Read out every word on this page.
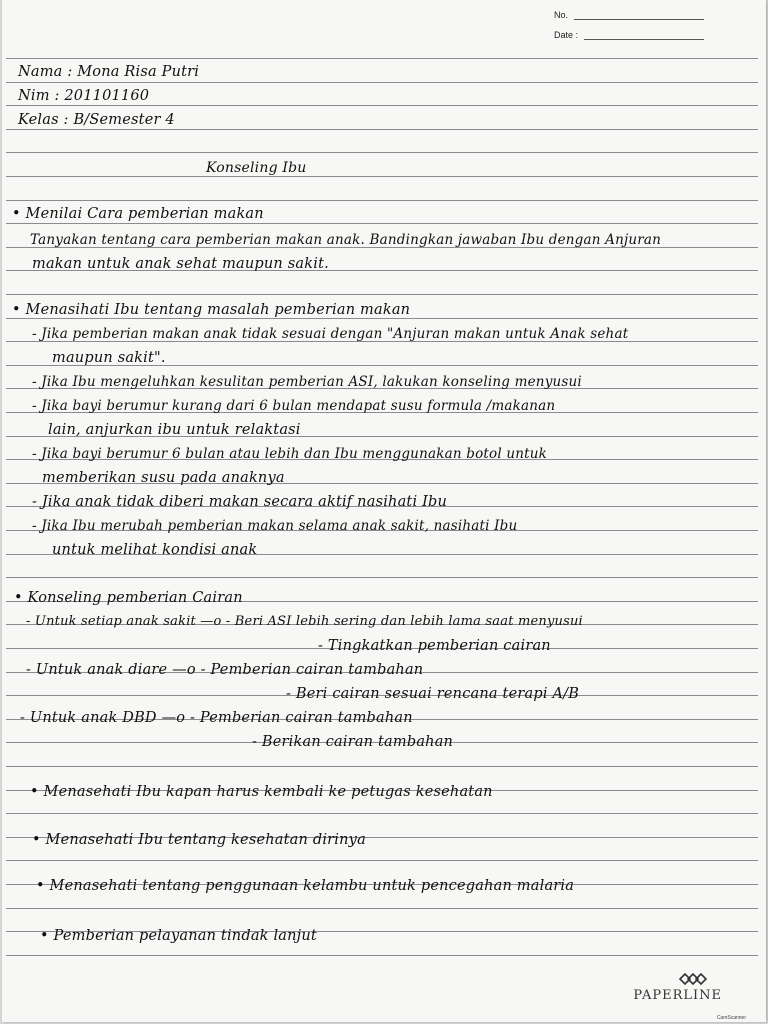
No.
Date :
Nama : Mona Risa Putri
Nim : 201101160
Kelas : B/Semester 4
Konseling Ibu
• Menilai Cara pemberian makan
Tanyakan tentang cara pemberian makan anak. Bandingkan jawaban Ibu dengan Anjuran
makan untuk anak sehat maupun sakit.
• Menasihati Ibu tentang masalah pemberian makan
- Jika pemberian makan anak tidak sesuai dengan "Anjuran makan untuk Anak sehat
maupun sakit".
- Jika Ibu mengeluhkan kesulitan pemberian ASI, lakukan konseling menyusui
- Jika bayi berumur kurang dari 6 bulan mendapat susu formula /makanan
lain, anjurkan ibu untuk relaktasi
- Jika bayi berumur 6 bulan atau lebih dan Ibu menggunakan botol untuk
memberikan susu pada anaknya
- Jika anak tidak diberi makan secara aktif nasihati Ibu
- Jika Ibu merubah pemberian makan selama anak sakit, nasihati Ibu
untuk melihat kondisi anak
• Konseling pemberian Cairan
- Untuk setiap anak sakit —o - Beri ASI lebih sering dan lebih lama saat menyusui
- Tingkatkan pemberian cairan
- Untuk anak diare —o - Pemberian cairan tambahan
- Beri cairan sesuai rencana terapi A/B
- Untuk anak DBD —o - Pemberian cairan tambahan
- Berikan cairan tambahan
• Menasehati Ibu kapan harus kembali ke petugas kesehatan
• Menasehati Ibu tentang kesehatan dirinya
• Menasehati tentang penggunaan kelambu untuk pencegahan malaria
• Pemberian pelayanan tindak lanjut
PAPERLINE
CamScanner
